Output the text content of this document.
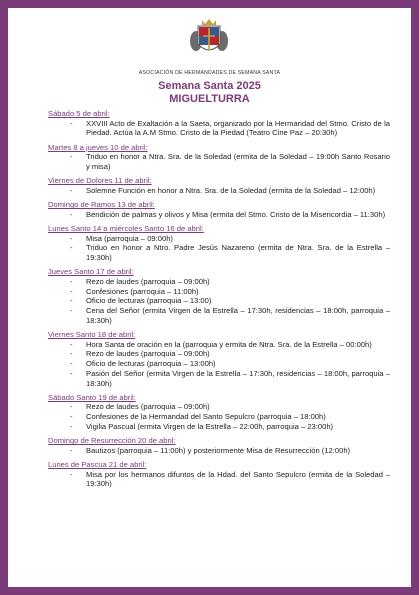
ASOCIACIÓN DE HERMANDADES DE SEMANA SANTA
Semana Santa 2025
MIGUELTURRA
Sábado 5 de abril:
- XXVIII Acto de Exaltación a la Saeta, organizado por la Hermandad del Stmo. Cristo de la Piedad. Actúa la A.M Stmo. Cristo de la Piedad (Teatro Cine Paz – 20:30h)
Martes 8 a jueves 10 de abril:
- Triduo en honor a Ntra. Sra. de la Soledad (ermita de la Soledad – 19:00h Santo Rosario y misa)
Viernes de Dolores 11 de abril:
- Solemne Función en honor a Ntra. Sra. de la Soledad (ermita de la Soledad – 12:00h)
Domingo de Ramos 13 de abril:
- Bendición de palmas y olivos y Misa (ermita del Stmo. Cristo de la Misericordia – 11:30h)
Lunes Santo 14 a miércoles Santo 16 de abril:
- Misa (parroquia – 09:00h)
- Triduo en honor a Ntro. Padre Jesús Nazareno (ermita de Ntra. Sra. de la Estrella – 19:30h)
Jueves Santo 17 de abril:
- Rezo de laudes (parroquia – 09:00h)
- Confesiones (parroquia – 11:00h)
- Oficio de lecturas (parroquia – 13:00)
- Cena del Señor (ermita Virgen de la Estrella – 17:30h, residencias – 18:00h, parroquia – 18:30h)
Viernes Santo 18 de abril:
- Hora Santa de oración en la (parroquia y ermita de Ntra. Sra. de la Estrella – 00:00h)
- Rezo de laudes (parroquia – 09:00h)
- Oficio de lecturas (parroquia – 13:00h)
- Pasión del Señor (ermita Virgen de la Estrella – 17:30h, residencias – 18:00h, parroquia – 18:30h)
Sábado Santo 19 de abril:
- Rezo de laudes (parroquia – 09:00h)
- Confesiones de la Hermandad del Santo Sepulcro (parroquia – 18:00h)
- Vigilia Pascual (ermita Virgen de la Estrella – 22:00h, parroquia – 23:00h)
Domingo de Resurrección 20 de abril:
- Bautizos (parroquia – 11:00h) y posteriormente Misa de Resurrección (12:00h)
Lunes de Pascua 21 de abril:
- Misa por los hermanos difuntos de la Hdad. del Santo Sepulcro (ermita de la Soledad – 19:30h)
